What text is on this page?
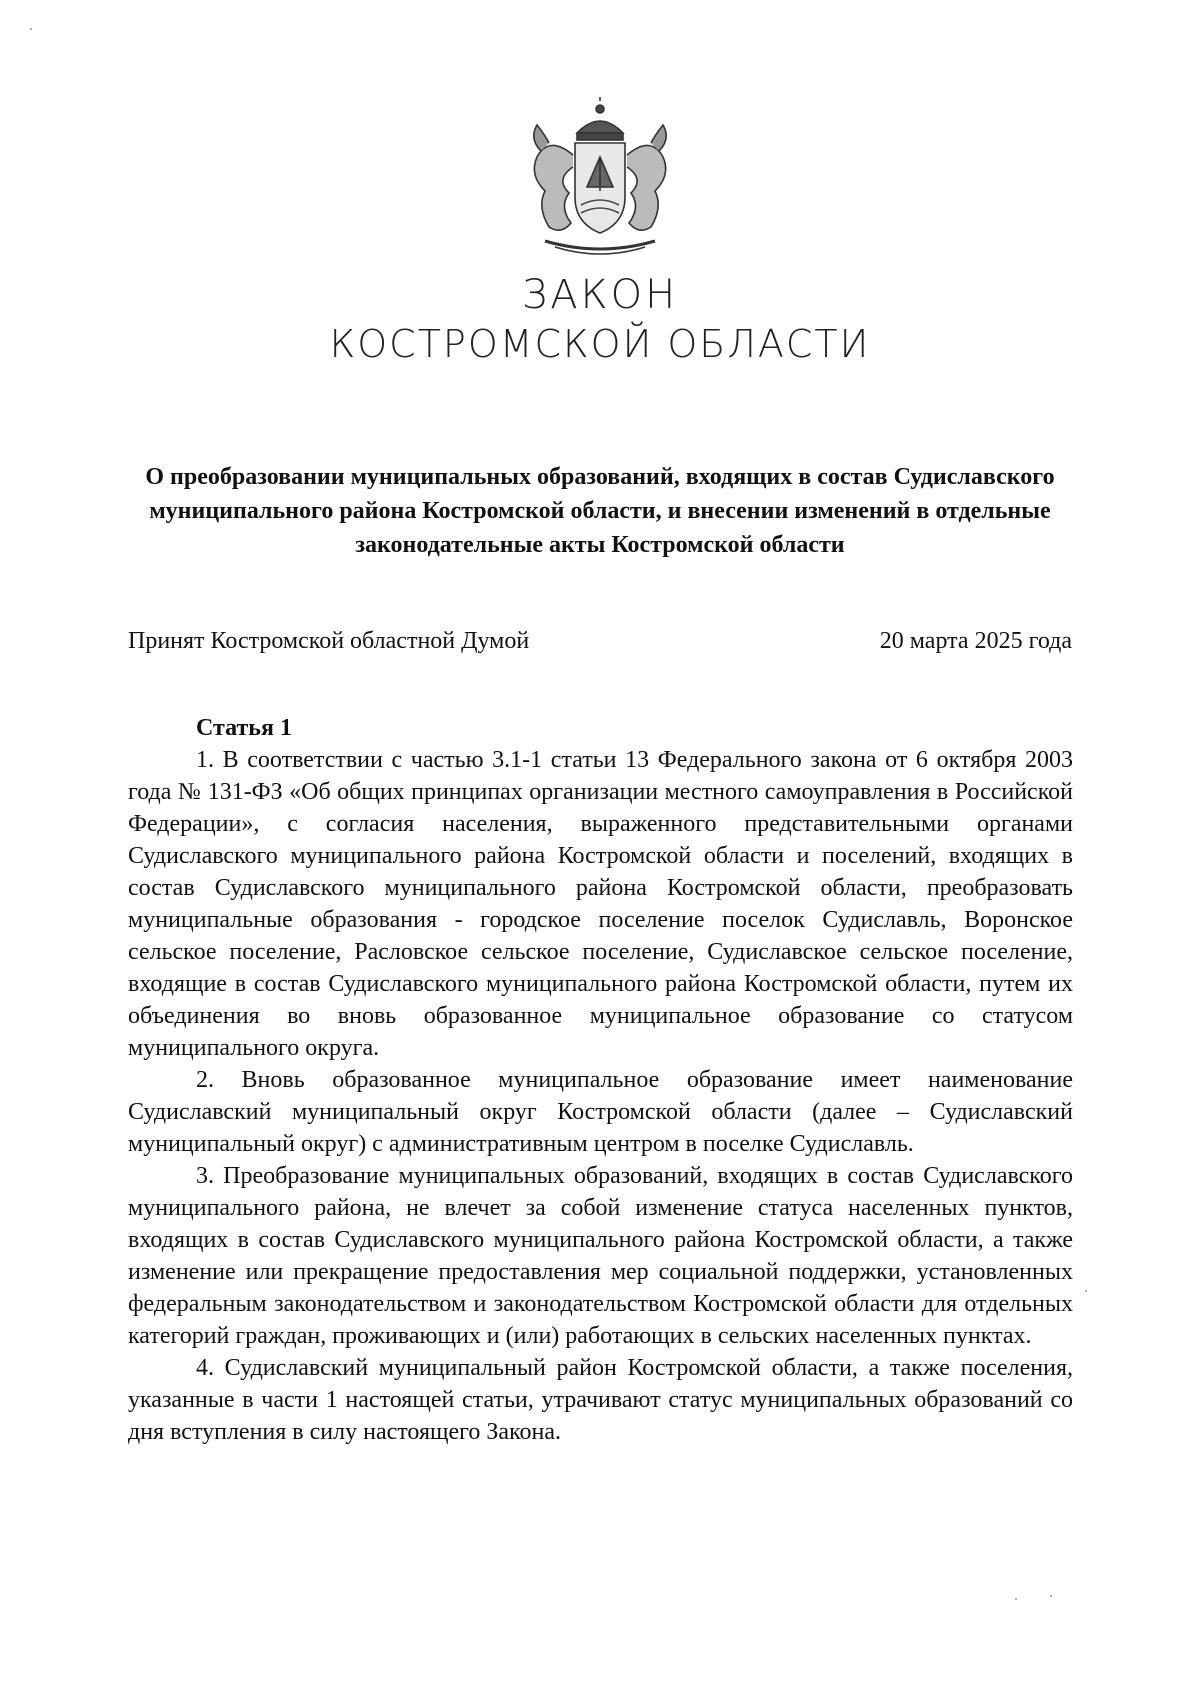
ЗАКОН
КОСТРОМСКОЙ ОБЛАСТИ
О преобразовании муниципальных образований, входящих в состав Судиславского муниципального района Костромской области, и внесении изменений в отдельные законодательные акты Костромской области
Принят Костромской областной Думой	20 марта 2025 года

Статья 1

1. В соответствии с частью 3.1-1 статьи 13 Федерального закона от 6 октября 2003 года № 131-ФЗ «Об общих принципах организации местного самоуправления в Российской Федерации», с согласия населения, выраженного представительными органами Судиславского муниципального района Костромской области и поселений, входящих в состав Судиславского муниципального района Костромской области, преобразовать муниципальные образования - городское поселение поселок Судиславль, Воронское сельское поселение, Расловское сельское поселение, Судиславское сельское поселение, входящие в состав Судиславского муниципального района Костромской области, путем их объединения во вновь образованное муниципальное образование со статусом муниципального округа.

2. Вновь образованное муниципальное образование имеет наименование Судиславский муниципальный округ Костромской области (далее – Судиславский муниципальный округ) с административным центром в поселке Судиславль.

3. Преобразование муниципальных образований, входящих в состав Судиславского муниципального района, не влечет за собой изменение статуса населенных пунктов, входящих в состав Судиславского муниципального района Костромской области, а также изменение или прекращение предоставления мер социальной поддержки, установленных федеральным законодательством и законодательством Костромской области для отдельных категорий граждан, проживающих и (или) работающих в сельских населенных пунктах.

4. Судиславский муниципальный район Костромской области, а также поселения, указанные в части 1 настоящей статьи, утрачивают статус муниципальных образований со дня вступления в силу настоящего Закона.
